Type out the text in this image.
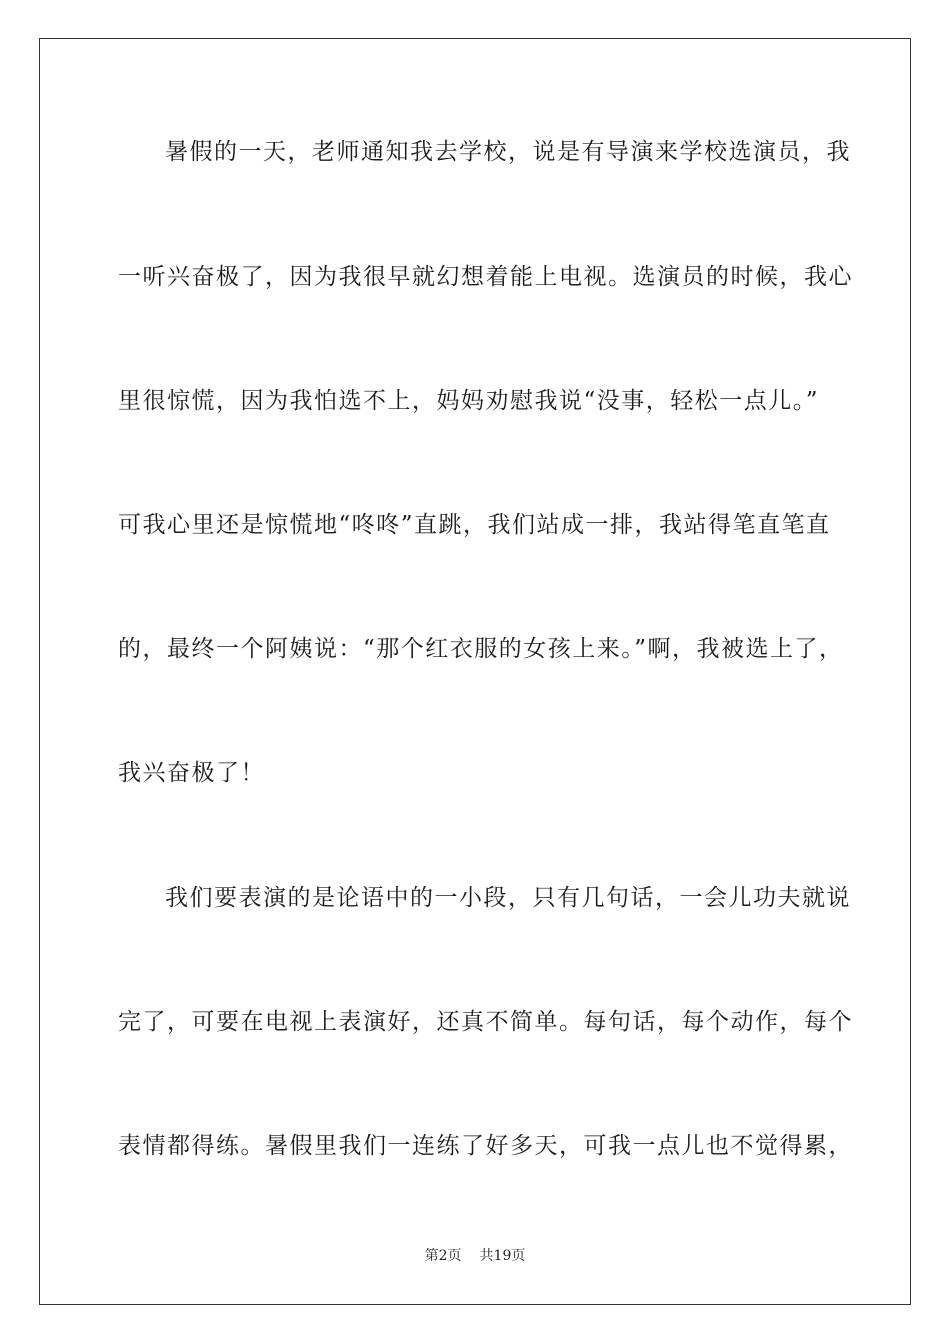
暑假的一天，老师通知我去学校，说是有导演来学校选演员，我
一听兴奋极了，因为我很早就幻想着能上电视。选演员的时候，我心
里很惊慌，因为我怕选不上，妈妈劝慰我说“没事，轻松一点儿。”
可我心里还是惊慌地“咚咚”直跳，我们站成一排，我站得笔直笔直
的，最终一个阿姨说：“那个红衣服的女孩上来。”啊，我被选上了，
我兴奋极了！
我们要表演的是论语中的一小段，只有几句话，一会儿功夫就说
完了，可要在电视上表演好，还真不简单。每句话，每个动作，每个
表情都得练。暑假里我们一连练了好多天，可我一点儿也不觉得累，
第2页 共19页
